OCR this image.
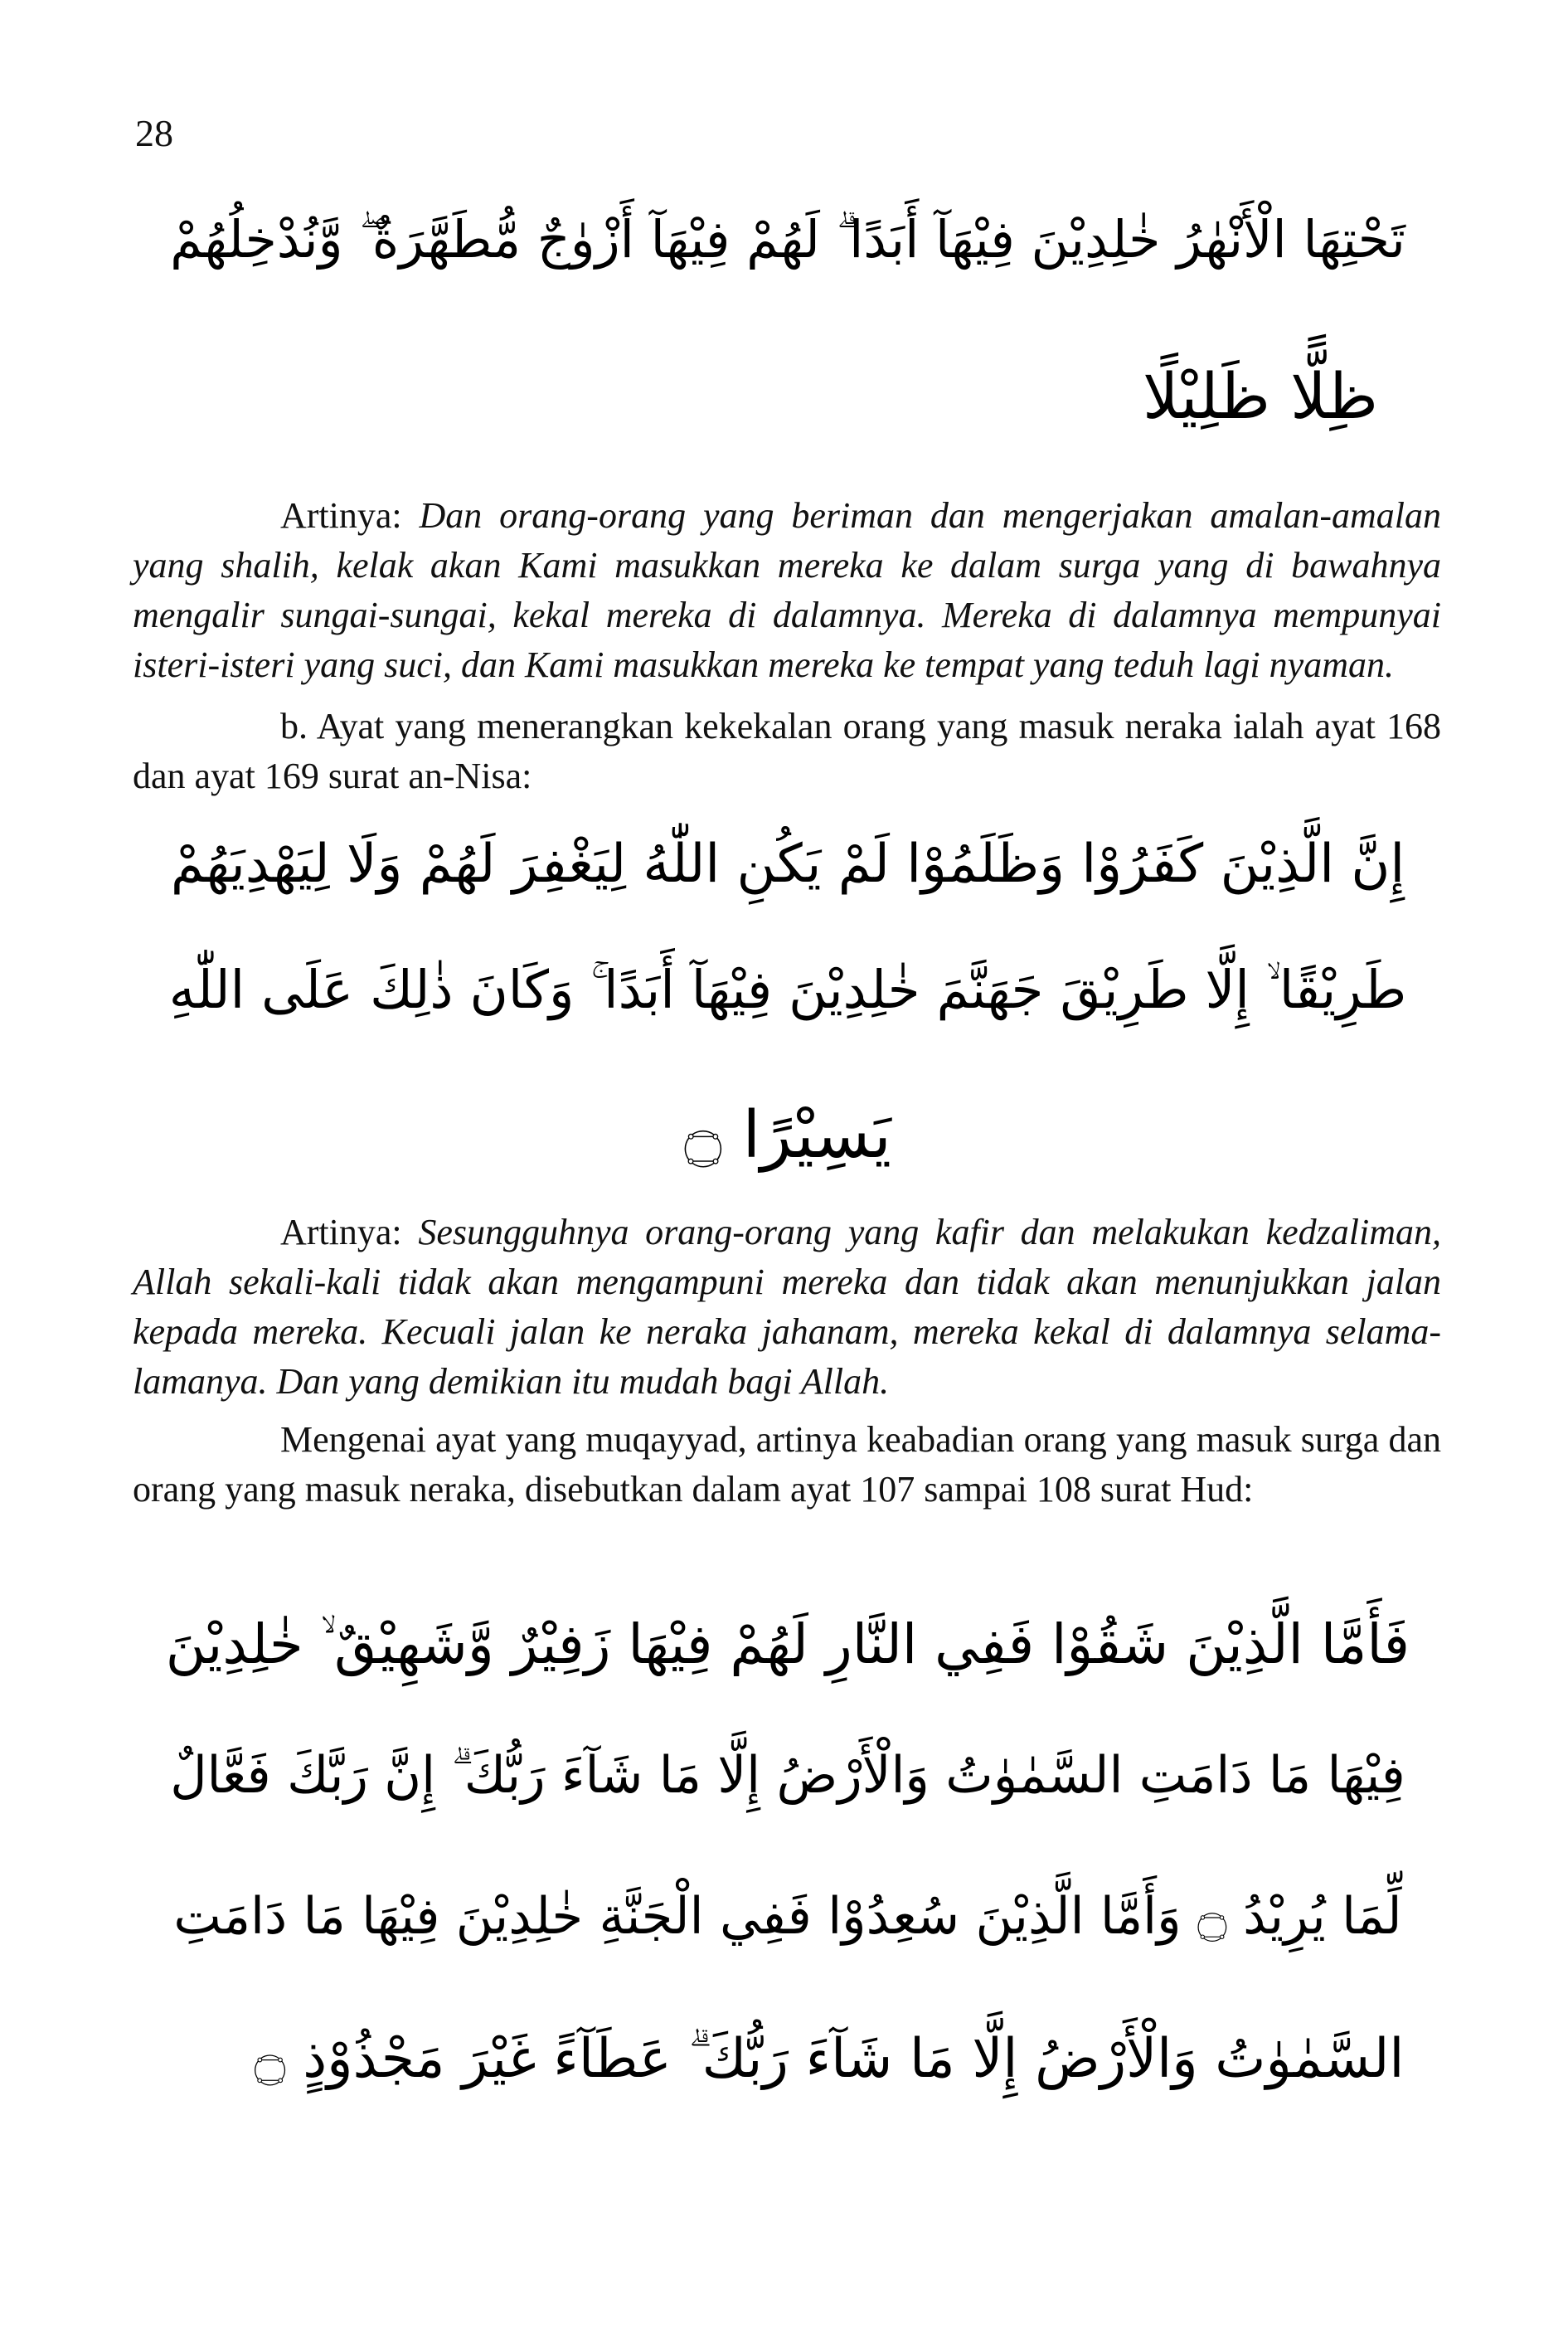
28
تَحْتِهَا الْأَنْهٰرُ خٰلِدِيْنَ فِيْهَآ أَبَدًا ۗ لَهُمْ فِيْهَآ أَزْوٰجٌ مُّطَهَّرَةٌ ۖ وَّنُدْخِلُهُمْ
ظِلًّا ظَلِيْلًا

Artinya: Dan orang-orang yang beriman dan mengerjakan amalan-amalan yang shalih, kelak akan Kami masukkan mereka ke dalam surga yang di bawahnya mengalir sungai-sungai, kekal mereka di dalamnya. Mereka di dalamnya mempunyai isteri-isteri yang suci, dan Kami masukkan mereka ke tempat yang teduh lagi nyaman.

b. Ayat yang menerangkan kekekalan orang yang masuk neraka ialah ayat 168 dan ayat 169 surat an-Nisa:

إِنَّ الَّذِيْنَ كَفَرُوْا وَظَلَمُوْا لَمْ يَكُنِ اللّٰهُ لِيَغْفِرَ لَهُمْ وَلَا لِيَهْدِيَهُمْ
طَرِيْقًا ۙ إِلَّا طَرِيْقَ جَهَنَّمَ خٰلِدِيْنَ فِيْهَآ أَبَدًا ۚ وَكَانَ ذٰلِكَ عَلَى اللّٰهِ
يَسِيْرًا ۝

Artinya: Sesungguhnya orang-orang yang kafir dan melakukan kedzaliman, Allah sekali-kali tidak akan mengampuni mereka dan tidak akan menunjukkan jalan kepada mereka. Kecuali jalan ke neraka jahanam, mereka kekal di dalamnya selama-lamanya. Dan yang demikian itu mudah bagi Allah.

Mengenai ayat yang muqayyad, artinya keabadian orang yang masuk surga dan orang yang masuk neraka, disebutkan dalam ayat 107 sampai 108 surat Hud:

فَأَمَّا الَّذِيْنَ شَقُوْا فَفِي النَّارِ لَهُمْ فِيْهَا زَفِيْرٌ وَّشَهِيْقٌ ۙ خٰلِدِيْنَ
فِيْهَا مَا دَامَتِ السَّمٰوٰتُ وَالْأَرْضُ إِلَّا مَا شَآءَ رَبُّكَ ۗ إِنَّ رَبَّكَ فَعَّالٌ
لِّمَا يُرِيْدُ ۝ وَأَمَّا الَّذِيْنَ سُعِدُوْا فَفِي الْجَنَّةِ خٰلِدِيْنَ فِيْهَا مَا دَامَتِ
السَّمٰوٰتُ وَالْأَرْضُ إِلَّا مَا شَآءَ رَبُّكَ ۗ عَطَآءً غَيْرَ مَجْذُوْذٍ ۝
